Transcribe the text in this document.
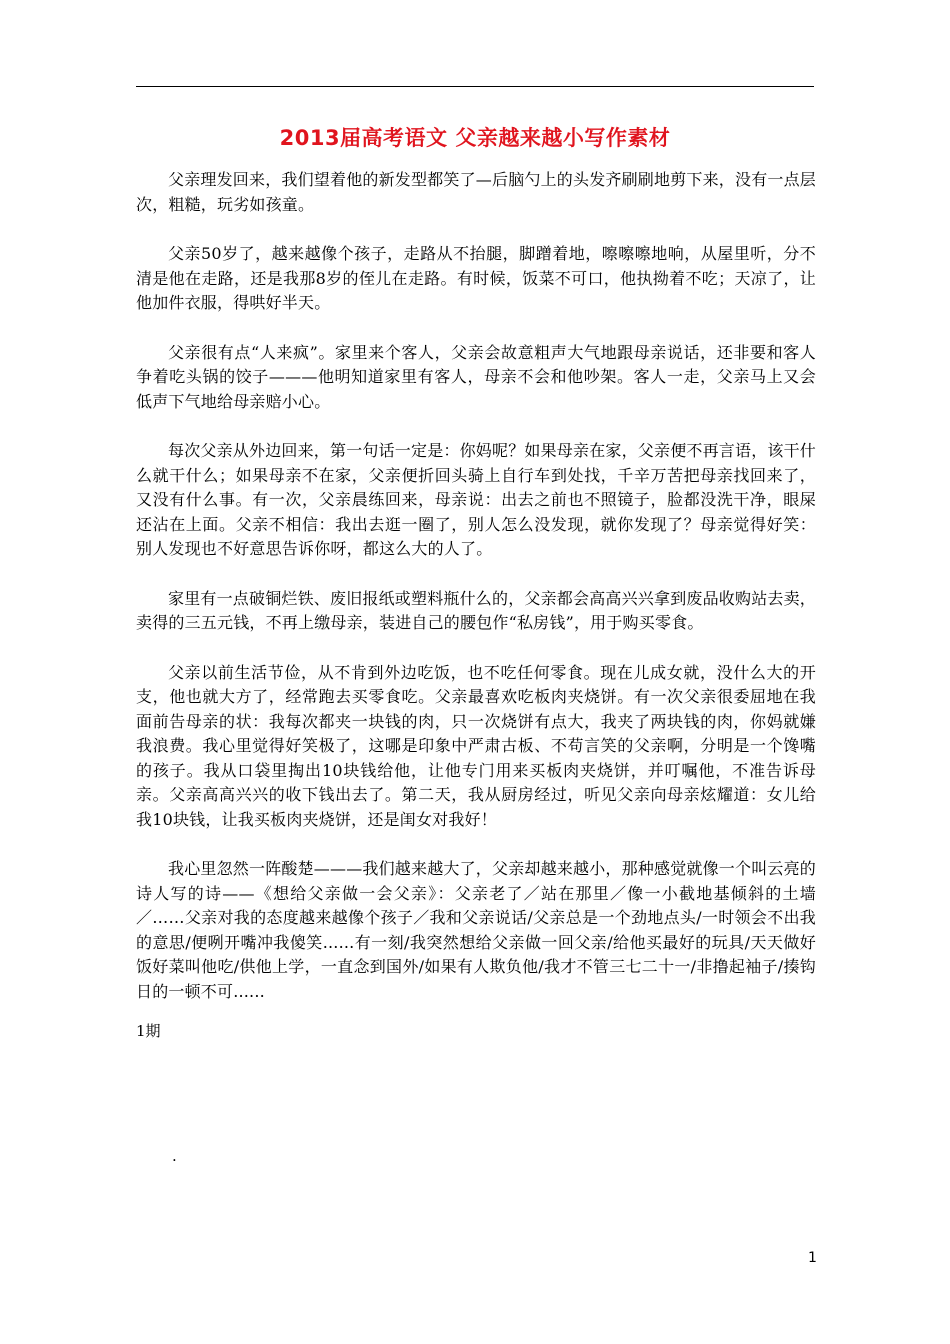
2013届高考语文 父亲越来越小写作素材

父亲理发回来，我们望着他的新发型都笑了—后脑勺上的头发齐刷刷地剪下来，没有一点层次，粗糙，玩劣如孩童。

父亲50岁了，越来越像个孩子，走路从不抬腿，脚蹭着地，嚓嚓嚓地响，从屋里听，分不清是他在走路，还是我那8岁的侄儿在走路。有时候，饭菜不可口，他执拗着不吃；天凉了，让他加件衣服，得哄好半天。

父亲很有点“人来疯”。家里来个客人，父亲会故意粗声大气地跟母亲说话，还非要和客人争着吃头锅的饺子———他明知道家里有客人，母亲不会和他吵架。客人一走，父亲马上又会低声下气地给母亲赔小心。

每次父亲从外边回来，第一句话一定是：你妈呢？如果母亲在家，父亲便不再言语，该干什么就干什么；如果母亲不在家，父亲便折回头骑上自行车到处找，千辛万苦把母亲找回来了，又没有什么事。有一次，父亲晨练回来，母亲说：出去之前也不照镜子，脸都没洗干净，眼屎还沾在上面。父亲不相信：我出去逛一圈了，别人怎么没发现，就你发现了？母亲觉得好笑：别人发现也不好意思告诉你呀，都这么大的人了。

家里有一点破铜烂铁、废旧报纸或塑料瓶什么的，父亲都会高高兴兴拿到废品收购站去卖，卖得的三五元钱，不再上缴母亲，装进自己的腰包作“私房钱”，用于购买零食。

父亲以前生活节俭，从不肯到外边吃饭，也不吃任何零食。现在儿成女就，没什么大的开支，他也就大方了，经常跑去买零食吃。父亲最喜欢吃板肉夹烧饼。有一次父亲很委屈地在我面前告母亲的状：我每次都夹一块钱的肉，只一次烧饼有点大，我夹了两块钱的肉，你妈就嫌我浪费。我心里觉得好笑极了，这哪是印象中严肃古板、不苟言笑的父亲啊，分明是一个馋嘴的孩子。我从口袋里掏出10块钱给他，让他专门用来买板肉夹烧饼，并叮嘱他，不准告诉母亲。父亲高高兴兴的收下钱出去了。第二天，我从厨房经过，听见父亲向母亲炫耀道：女儿给我10块钱，让我买板肉夹烧饼，还是闺女对我好！

我心里忽然一阵酸楚———我们越来越大了，父亲却越来越小，那种感觉就像一个叫云亮的诗人写的诗——《想给父亲做一会父亲》：父亲老了／站在那里／像一小截地基倾斜的土墙／……父亲对我的态度越来越像个孩子／我和父亲说话/父亲总是一个劲地点头/一时领会不出我的意思/便咧开嘴冲我傻笑......有一刻/我突然想给父亲做一回父亲/给他买最好的玩具/天天做好饭好菜叫他吃/供他上学，一直念到国外/如果有人欺负他/我才不管三七二十一/非撸起袖子/揍钩日的一顿不可......

1期
.
1
